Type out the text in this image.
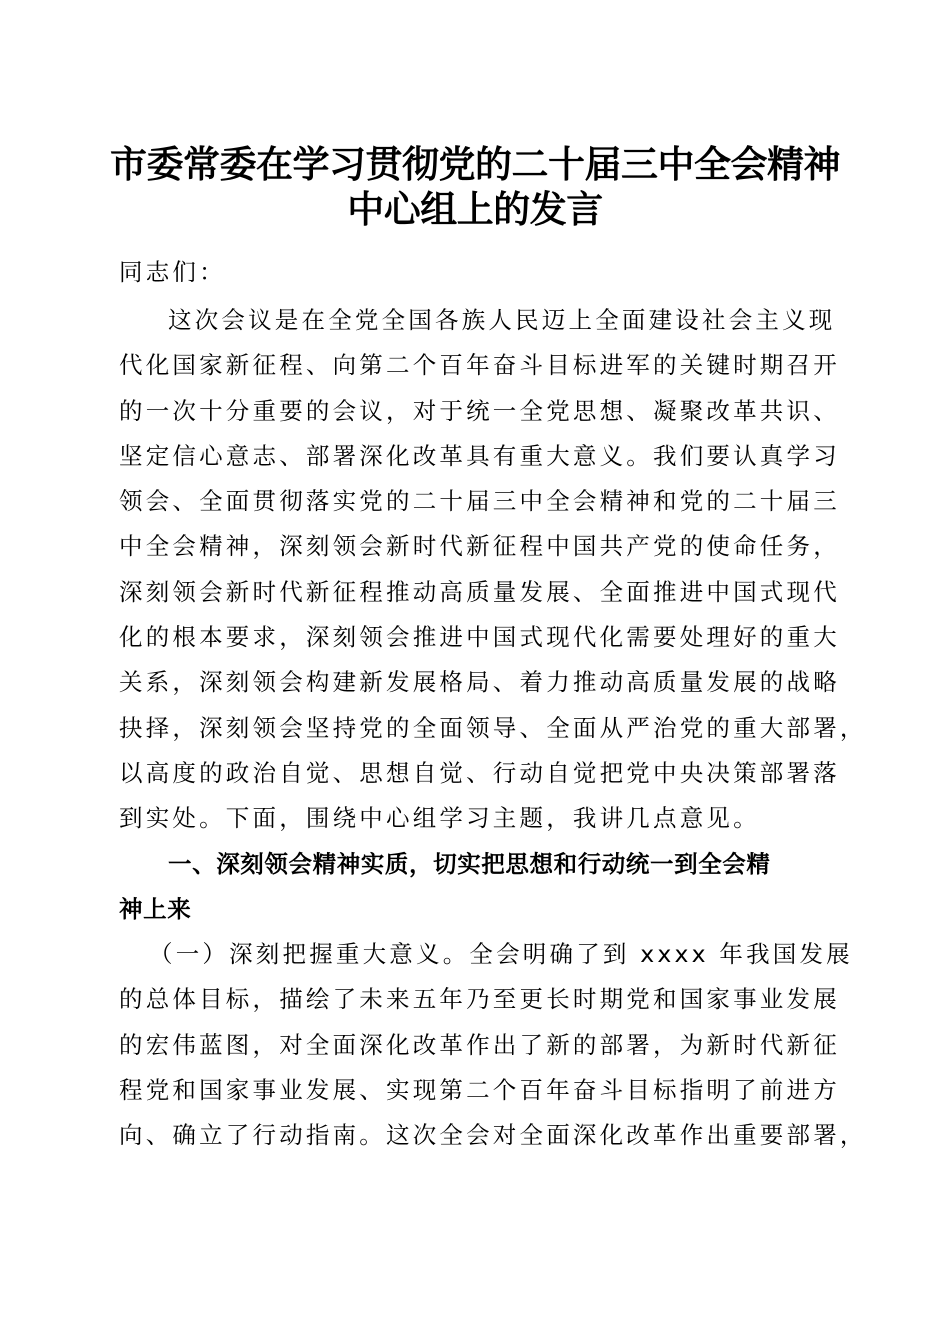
市委常委在学习贯彻党的二十届三中全会精神
中心组上的发言
同志们：
这次会议是在全党全国各族人民迈上全面建设社会主义现
代化国家新征程、向第二个百年奋斗目标进军的关键时期召开
的一次十分重要的会议，对于统一全党思想、凝聚改革共识、
坚定信心意志、部署深化改革具有重大意义。我们要认真学习
领会、全面贯彻落实党的二十届三中全会精神和党的二十届三
中全会精神，深刻领会新时代新征程中国共产党的使命任务，
深刻领会新时代新征程推动高质量发展、全面推进中国式现代
化的根本要求，深刻领会推进中国式现代化需要处理好的重大
关系，深刻领会构建新发展格局、着力推动高质量发展的战略
抉择，深刻领会坚持党的全面领导、全面从严治党的重大部署，
以高度的政治自觉、思想自觉、行动自觉把党中央决策部署落
到实处。下面，围绕中心组学习主题，我讲几点意见。
一、深刻领会精神实质，切实把思想和行动统一到全会精
神上来
（一）深刻把握重大意义。全会明确了到 xxxx 年我国发展
的总体目标，描绘了未来五年乃至更长时期党和国家事业发展
的宏伟蓝图，对全面深化改革作出了新的部署，为新时代新征
程党和国家事业发展、实现第二个百年奋斗目标指明了前进方
向、确立了行动指南。这次全会对全面深化改革作出重要部署，
